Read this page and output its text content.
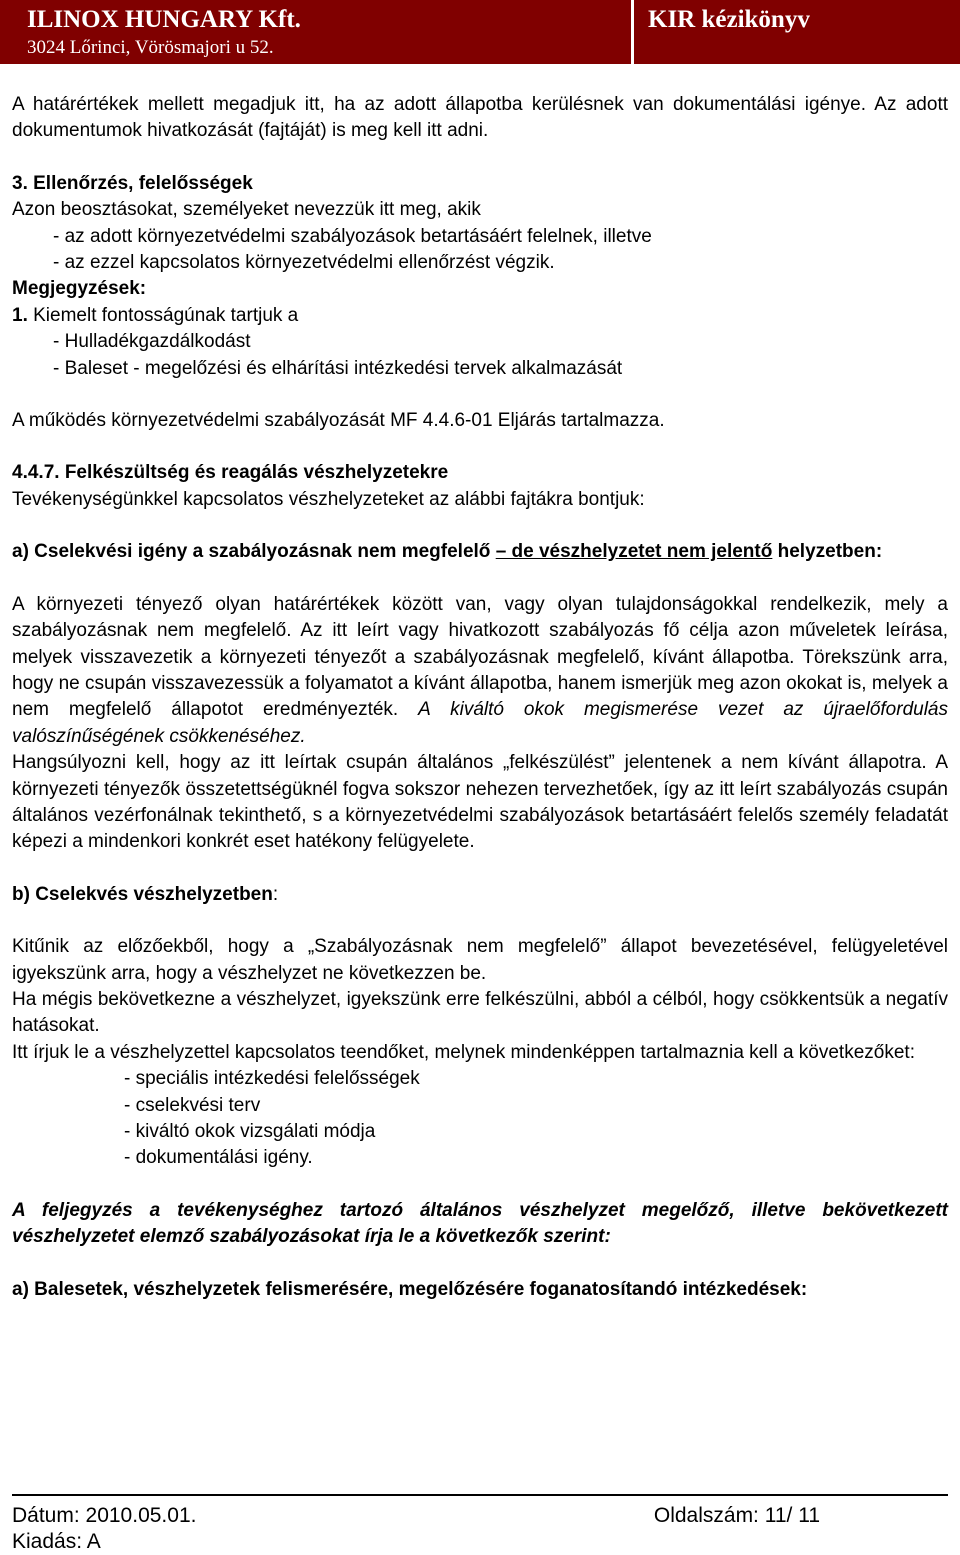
ILINOX HUNGARY Kft.
3024 Lőrinci, Vörösmajori u 52.
KIR kézikönyv

A határértékek mellett megadjuk itt, ha az adott állapotba kerülésnek van dokumentálási igénye. Az adott dokumentumok hivatkozását (fajtáját) is meg kell itt adni.

3. Ellenőrzés, felelősségek

Azon beosztásokat, személyeket nevezzük itt meg, akik

- az adott környezetvédelmi szabályozások betartásáért felelnek, illetve

- az ezzel kapcsolatos környezetvédelmi ellenőrzést végzik.

Megjegyzések:

1. Kiemelt fontosságúnak tartjuk a

- Hulladékgazdálkodást

- Baleset - megelőzési és elhárítási intézkedési tervek alkalmazását

A működés környezetvédelmi szabályozását MF 4.4.6-01 Eljárás tartalmazza.

4.4.7. Felkészültség és reagálás vészhelyzetekre

Tevékenységünkkel kapcsolatos vészhelyzeteket az alábbi fajtákra bontjuk:

a) Cselekvési igény a szabályozásnak nem megfelelő – de vészhelyzetet nem jelentő helyzetben:

A környezeti tényező olyan határértékek között van, vagy olyan tulajdonságokkal rendelkezik, mely a szabályozásnak nem megfelelő. Az itt leírt vagy hivatkozott szabályozás fő célja azon műveletek leírása, melyek visszavezetik a környezeti tényezőt a szabályozásnak megfelelő, kívánt állapotba. Törekszünk arra, hogy ne csupán visszavezessük a folyamatot a kívánt állapotba, hanem ismerjük meg azon okokat is, melyek a nem megfelelő állapotot eredményezték. A kiváltó okok megismerése vezet az újraelőfordulás valószínűségének csökkenéséhez.

Hangsúlyozni kell, hogy az itt leírtak csupán általános „felkészülést” jelentenek a nem kívánt állapotra. A környezeti tényezők összetettségüknél fogva sokszor nehezen tervezhetőek, így az itt leírt szabályozás csupán általános vezérfonálnak tekinthető, s a környezetvédelmi szabályozások betartásáért felelős személy feladatát képezi a mindenkori konkrét eset hatékony felügyelete.

b) Cselekvés vészhelyzetben:

Kitűnik az előzőekből, hogy a „Szabályozásnak nem megfelelő” állapot bevezetésével, felügyeletével igyekszünk arra, hogy a vészhelyzet ne következzen be.

Ha mégis bekövetkezne a vészhelyzet, igyekszünk erre felkészülni, abból a célból, hogy csökkentsük a negatív hatásokat.

Itt írjuk le a vészhelyzettel kapcsolatos teendőket, melynek mindenképpen tartalmaznia kell a következőket:

- speciális intézkedési felelősségek

- cselekvési terv

- kiváltó okok vizsgálati módja

- dokumentálási igény.

A feljegyzés a tevékenységhez tartozó általános vészhelyzet megelőző, illetve bekövetkezett vészhelyzetet elemző szabályozásokat írja le a következők szerint:

a) Balesetek, vészhelyzetek felismerésére, megelőzésére foganatosítandó intézkedések:

Dátum: 2010.05.01.	Oldalszám: 11/ 11
Kiadás: A
